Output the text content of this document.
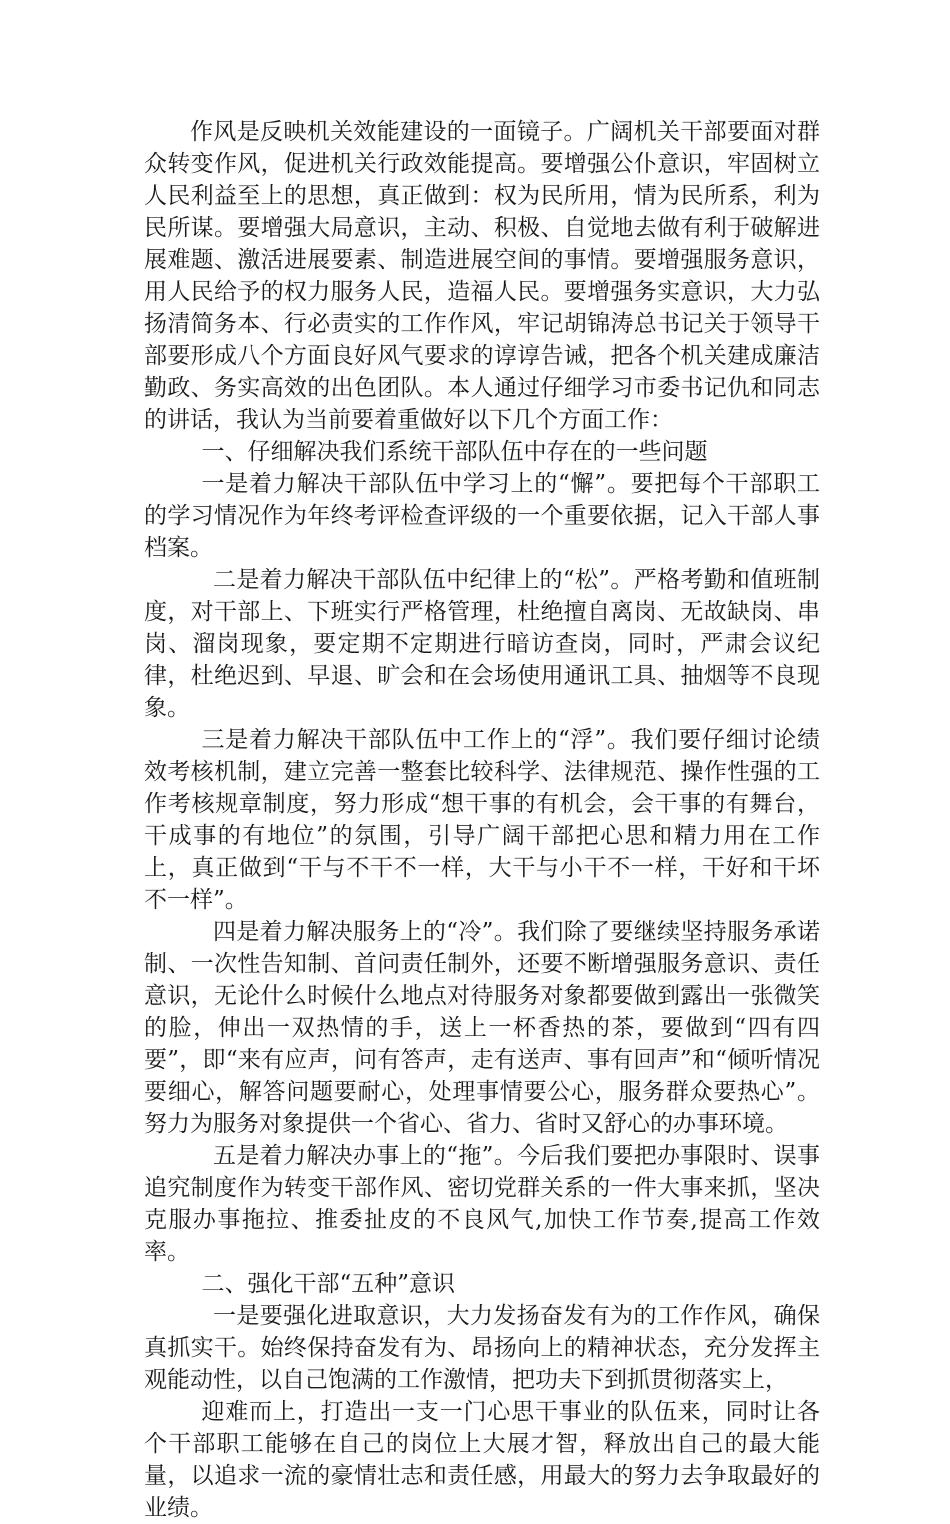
作风是反映机关效能建设的一面镜子。广阔机关干部要面对群众转变作风，促进机关行政效能提高。要增强公仆意识，牢固树立人民利益至上的思想，真正做到：权为民所用，情为民所系，利为民所谋。要增强大局意识，主动、积极、自觉地去做有利于破解进展难题、激活进展要素、制造进展空间的事情。要增强服务意识，用人民给予的权力服务人民，造福人民。要增强务实意识，大力弘扬清简务本、行必责实的工作作风，牢记胡锦涛总书记关于领导干部要形成八个方面良好风气要求的谆谆告诫，把各个机关建成廉洁勤政、务实高效的出色团队。本人通过仔细学习市委书记仇和同志的讲话，我认为当前要着重做好以下几个方面工作：

一、仔细解决我们系统干部队伍中存在的一些问题

一是着力解决干部队伍中学习上的“懈”。要把每个干部职工的学习情况作为年终考评检查评级的一个重要依据，记入干部人事档案。

二是着力解决干部队伍中纪律上的“松”。严格考勤和值班制度，对干部上、下班实行严格管理，杜绝擅自离岗、无故缺岗、串岗、溜岗现象，要定期不定期进行暗访查岗，同时，严肃会议纪律，杜绝迟到、早退、旷会和在会场使用通讯工具、抽烟等不良现象。

三是着力解决干部队伍中工作上的“浮”。我们要仔细讨论绩效考核机制，建立完善一整套比较科学、法律规范、操作性强的工作考核规章制度，努力形成“想干事的有机会，会干事的有舞台，干成事的有地位”的氛围，引导广阔干部把心思和精力用在工作上，真正做到“干与不干不一样，大干与小干不一样，干好和干坏不一样”。

四是着力解决服务上的“冷”。我们除了要继续坚持服务承诺制、一次性告知制、首问责任制外，还要不断增强服务意识、责任意识，无论什么时候什么地点对待服务对象都要做到露出一张微笑的脸，伸出一双热情的手，送上一杯香热的茶，要做到“四有四要”，即“来有应声，问有答声，走有送声、事有回声”和“倾听情况要细心，解答问题要耐心，处理事情要公心，服务群众要热心”。努力为服务对象提供一个省心、省力、省时又舒心的办事环境。

五是着力解决办事上的“拖”。今后我们要把办事限时、误事追究制度作为转变干部作风、密切党群关系的一件大事来抓，坚决克服办事拖拉、推委扯皮的不良风气,加快工作节奏,提高工作效率。

二、强化干部“五种”意识

一是要强化进取意识，大力发扬奋发有为的工作作风，确保真抓实干。始终保持奋发有为、昂扬向上的精神状态，充分发挥主观能动性，以自己饱满的工作激情，把功夫下到抓贯彻落实上，

迎难而上，打造出一支一门心思干事业的队伍来，同时让各个干部职工能够在自己的岗位上大展才智，释放出自己的最大能量，以追求一流的豪情壮志和责任感，用最大的努力去争取最好的业绩。
